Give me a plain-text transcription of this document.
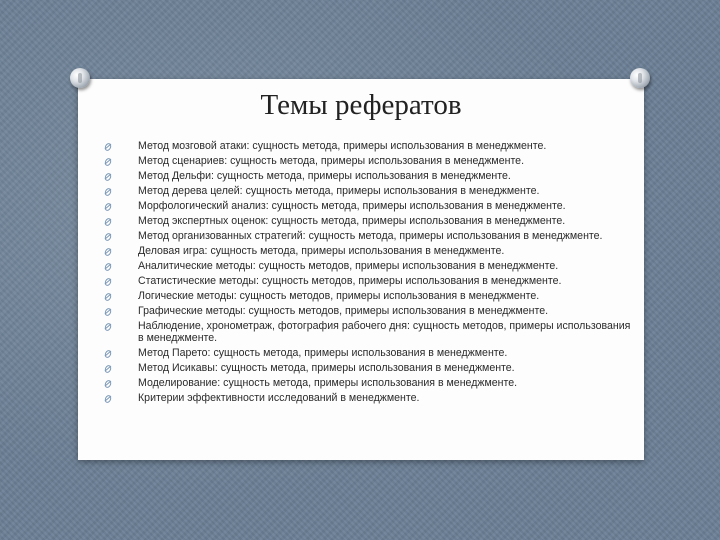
Темы рефератов
Метод мозговой атаки: сущность метода, примеры использования в менеджменте.
Метод сценариев: сущность метода, примеры использования в менеджменте.
Метод Дельфи: сущность метода, примеры использования в менеджменте.
Метод дерева целей: сущность метода, примеры использования в менеджменте.
Морфологический анализ: сущность метода, примеры использования в менеджменте.
Метод экспертных оценок: сущность метода, примеры использования в менеджменте.
Метод организованных стратегий: сущность метода, примеры использования в менеджменте.
Деловая игра: сущность метода, примеры использования в менеджменте.
Аналитические методы: сущность методов, примеры использования в менеджменте.
Статистические методы: сущность методов, примеры использования в менеджменте.
Логические методы: сущность методов, примеры использования в менеджменте.
Графические методы: сущность методов, примеры использования в менеджменте.
Наблюдение, хронометраж, фотография рабочего дня: сущность методов, примеры использования в менеджменте.
Метод Парето: сущность метода, примеры использования в менеджменте.
Метод Исикавы: сущность метода, примеры использования в менеджменте.
Моделирование: сущность метода, примеры использования в менеджменте.
Критерии эффективности исследований в менеджменте.
